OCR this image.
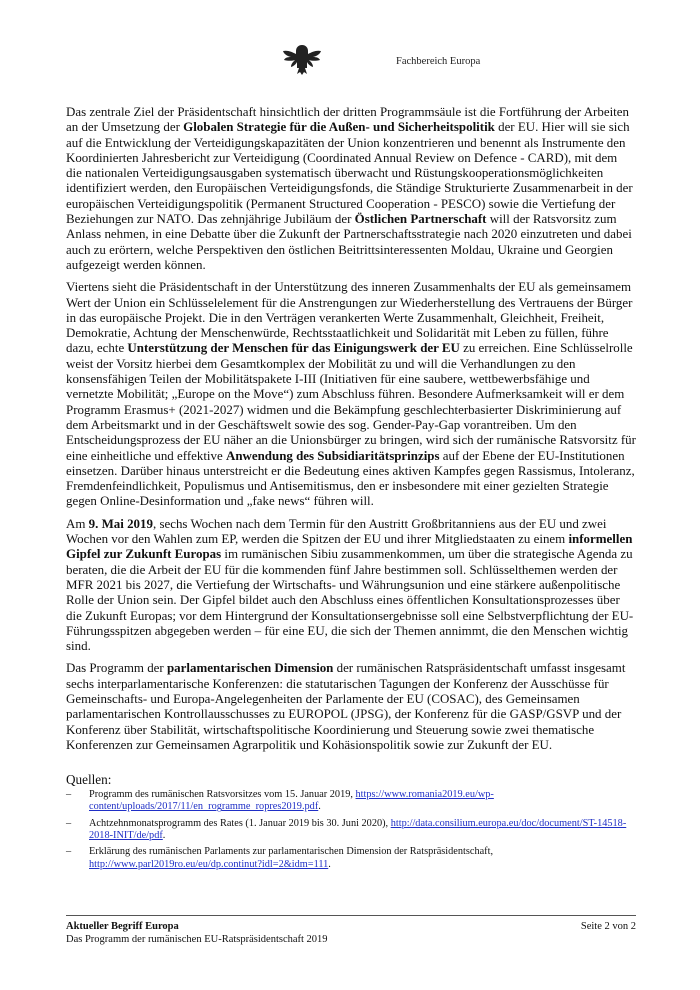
Fachbereich Europa

Das zentrale Ziel der Präsidentschaft hinsichtlich der dritten Programmsäule ist die Fortführung der Arbeiten an der Umsetzung der Globalen Strategie für die Außen- und Sicherheitspolitik der EU. Hier will sie sich auf die Entwicklung der Verteidigungskapazitäten der Union konzentrieren und benennt als Instrumente den Koordinierten Jahresbericht zur Verteidigung (Coordinated Annual Review on Defence - CARD), mit dem die nationalen Verteidigungsausgaben systematisch überwacht und Rüstungskooperationsmöglichkeiten identifiziert werden, den Europäischen Verteidigungsfonds, die Ständige Strukturierte Zusammenarbeit in der europäischen Verteidigungspolitik (Permanent Structured Cooperation - PESCO) sowie die Vertiefung der Beziehungen zur NATO. Das zehnjährige Jubiläum der Östlichen Partnerschaft will der Ratsvorsitz zum Anlass nehmen, in eine Debatte über die Zukunft der Partnerschaftsstrategie nach 2020 einzutreten und dabei auch zu erörtern, welche Perspektiven den östlichen Beitrittsinteressenten Moldau, Ukraine und Georgien aufgezeigt werden können.

Viertens sieht die Präsidentschaft in der Unterstützung des inneren Zusammenhalts der EU als gemeinsamem Wert der Union ein Schlüsselelement für die Anstrengungen zur Wiederherstellung des Vertrauens der Bürger in das europäische Projekt. Die in den Verträgen verankerten Werte Zusammenhalt, Gleichheit, Freiheit, Demokratie, Achtung der Menschenwürde, Rechtsstaatlichkeit und Solidarität mit Leben zu füllen, führe dazu, echte Unterstützung der Menschen für das Einigungswerk der EU zu erreichen. Eine Schlüsselrolle weist der Vorsitz hierbei dem Gesamtkomplex der Mobilität zu und will die Verhandlungen zu den konsensfähigen Teilen der Mobilitätspakete I-III (Initiativen für eine saubere, wettbewerbsfähige und vernetzte Mobilität; „Europe on the Move“) zum Abschluss führen. Besondere Aufmerksamkeit will er dem Programm Erasmus+ (2021-2027) widmen und die Bekämpfung geschlechterbasierter Diskriminierung auf dem Arbeitsmarkt und in der Geschäftswelt sowie des sog. Gender-Pay-Gap vorantreiben. Um den Entscheidungsprozess der EU näher an die Unionsbürger zu bringen, wird sich der rumänische Ratsvorsitz für eine einheitliche und effektive Anwendung des Subsidiaritätsprinzips auf der Ebene der EU-Institutionen einsetzen. Darüber hinaus unterstreicht er die Bedeutung eines aktiven Kampfes gegen Rassismus, Intoleranz, Fremdenfeindlichkeit, Populismus und Antisemitismus, den er insbesondere mit einer gezielten Strategie gegen Online-Desinformation und „fake news“ führen will.

Am 9. Mai 2019, sechs Wochen nach dem Termin für den Austritt Großbritanniens aus der EU und zwei Wochen vor den Wahlen zum EP, werden die Spitzen der EU und ihrer Mitgliedstaaten zu einem informellen Gipfel zur Zukunft Europas im rumänischen Sibiu zusammenkommen, um über die strategische Agenda zu beraten, die die Arbeit der EU für die kommenden fünf Jahre bestimmen soll. Schlüsselthemen werden der MFR 2021 bis 2027, die Vertiefung der Wirtschafts- und Währungsunion und eine stärkere außenpolitische Rolle der Union sein. Der Gipfel bildet auch den Abschluss eines öffentlichen Konsultationsprozesses über die Zukunft Europas; vor dem Hintergrund der Konsultationsergebnisse soll eine Selbstverpflichtung der EU-Führungsspitzen abgegeben werden – für eine EU, die sich der Themen annimmt, die den Menschen wichtig sind.

Das Programm der parlamentarischen Dimension der rumänischen Ratspräsidentschaft umfasst insgesamt sechs interparlamentarische Konferenzen: die statutarischen Tagungen der Konferenz der Ausschüsse für Gemeinschafts- und Europa-Angelegenheiten der Parlamente der EU (COSAC), des Gemeinsamen parlamentarischen Kontrollausschusses zu EUROPOL (JPSG), der Konferenz für die GASP/GSVP und der Konferenz über Stabilität, wirtschaftspolitische Koordinierung und Steuerung sowie zwei thematische Konferenzen zur Gemeinsamen Agrarpolitik und Kohäsionspolitik sowie zur Zukunft der EU.

Quellen:
– Programm des rumänischen Ratsvorsitzes vom 15. Januar 2019, https://www.romania2019.eu/wp-content/uploads/2017/11/en_rogramme_ropres2019.pdf.
– Achtzehnmonatsprogramm des Rates (1. Januar 2019 bis 30. Juni 2020), http://data.consilium.europa.eu/doc/document/ST-14518-2018-INIT/de/pdf.
– Erklärung des rumänischen Parlaments zur parlamentarischen Dimension der Ratspräsidentschaft, http://www.parl2019ro.eu/eu/dp.continut?idl=2&idm=111.
Aktueller Begriff Europa
Das Programm der rumänischen EU-Ratspräsidentschaft 2019
Seite 2 von 2
